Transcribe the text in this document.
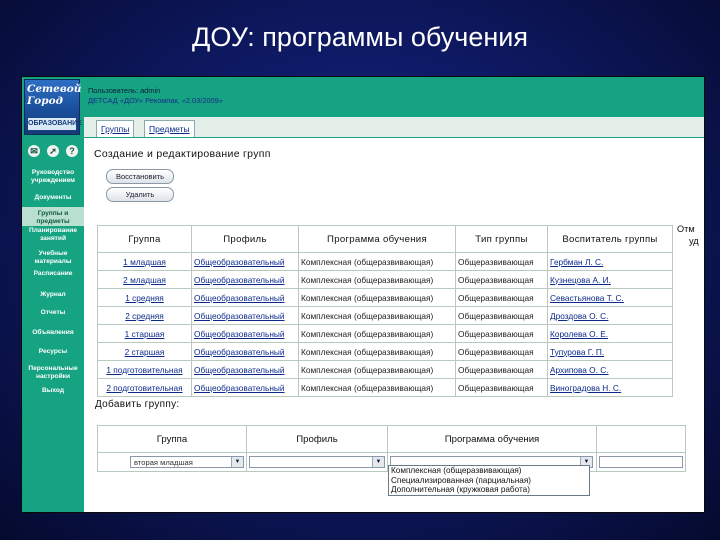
ДОУ: программы обучения
Пользователь: admin
ДЕТСАД «ДОУ» Рекомпак, «2.03/2009»
✉ ➚	?
Руководство учреждением
Документы
Группы и предметы
Планирование занятий
Учебные материалы
Расписание
Журнал
Отчеты
Объявления
Ресурсы
Персональные настройки
Выход
Сетевой
Город
ОБРАЗОВАНИЕ
Группы	Предметы
Создание и редактирование групп
Восстановить
Удалить
Группа	Профиль	Программа обучения	Тип группы	Воспитатель группы
1 младшая	Общеобразовательный	Комплексная (общеразвивающая)	Общеразвивающая	Гербман Л. С.
2 младшая	Общеобразовательный	Комплексная (общеразвивающая)	Общеразвивающая	Кузнецова А. И.
1 средняя	Общеобразовательный	Комплексная (общеразвивающая)	Общеразвивающая	Севастьянова Т. С.
2 средняя	Общеобразовательный	Комплексная (общеразвивающая)	Общеразвивающая	Дроздова О. С.
1 старшая	Общеобразовательный	Комплексная (общеразвивающая)	Общеразвивающая	Королева О. Е.
2 старшая	Общеобразовательный	Комплексная (общеразвивающая)	Общеразвивающая	Тупурова Г. П.
1 подготовительная	Общеобразовательный	Комплексная (общеразвивающая)	Общеразвивающая	Архипова О. С.
2 подготовительная	Общеобразовательный	Комплексная (общеразвивающая)	Общеразвивающая	Виноградова Н. С.
Отм
уд
Добавить группу:
Группа	Профиль	Программа обучения	

вторая младшая ▼	▼	▼	

Комплексная (общеразвивающая)
Специализированная (парциальная)
Дополнительная (кружковая работа)
